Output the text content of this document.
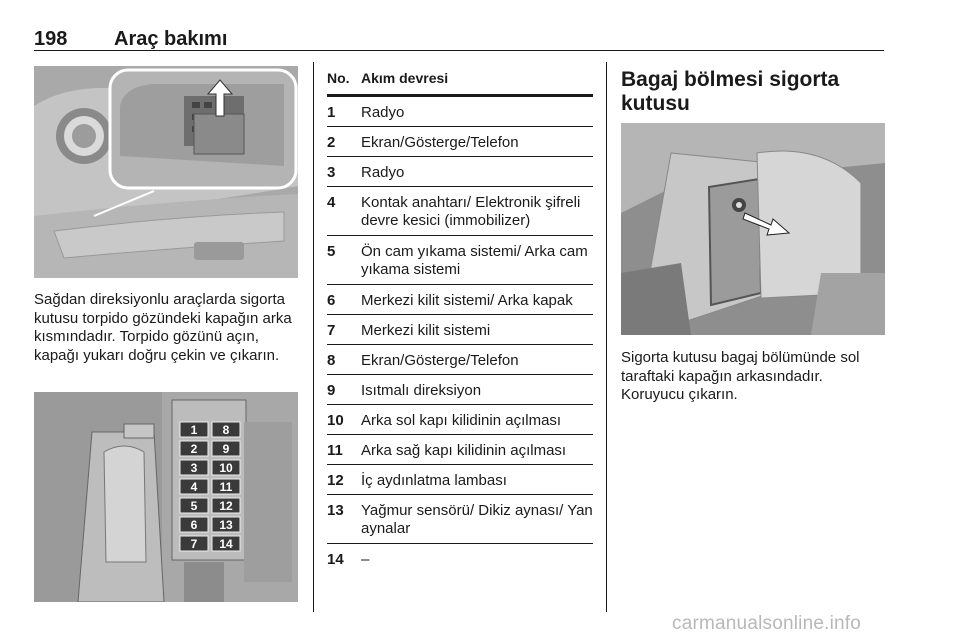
198 Araç bakımı

Sağdan direksiyonlu araçlarda sigorta kutusu torpido gözündeki kapağın arka kısmındadır. Torpido gözünü açın, kapağı yukarı doğru çekin ve çıkarın.

1 8
2 9
3 10
4 11
5 12
6 13
7 14
No. Akım devresi
1 Radyo
2 Ekran/Gösterge/Telefon
3 Radyo
4 Kontak anahtarı/ Elektronik şifreli devre kesici (immobilizer)
5 Ön cam yıkama sistemi/ Arka cam yıkama sistemi
6 Merkezi kilit sistemi/ Arka kapak
7 Merkezi kilit sistemi
8 Ekran/Gösterge/Telefon
9 Isıtmalı direksiyon
10 Arka sol kapı kilidinin açılması
11 Arka sağ kapı kilidinin açılması
12 İç aydınlatma lambası
13 Yağmur sensörü/ Dikiz aynası/ Yan aynalar
14 –
Bagaj bölmesi sigorta kutusu

Sigorta kutusu bagaj bölümünde sol taraftaki kapağın arkasındadır. Koruyucu çıkarın.

carmanualsonline.info
